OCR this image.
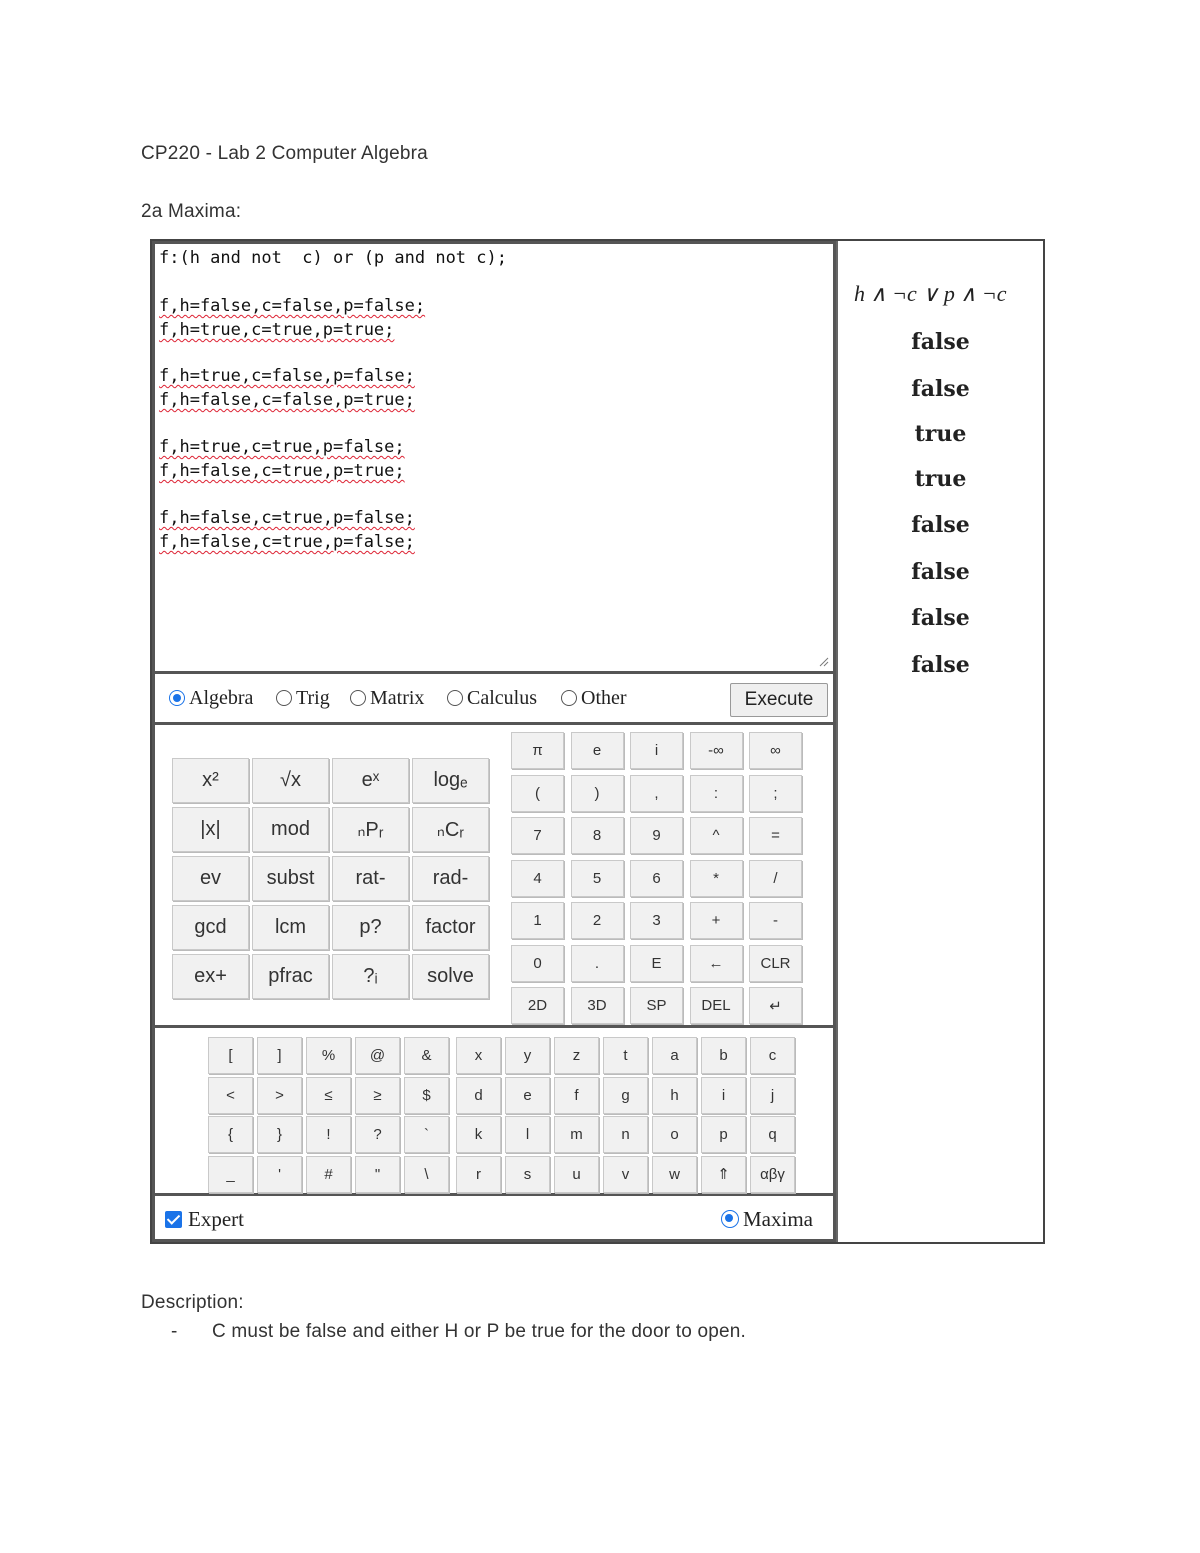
CP220 - Lab 2 Computer Algebra
2a Maxima:
f:(h and not  c) or (p and not c);
f,h=false,c=false,p=false;
f,h=true,c=true,p=true;
f,h=true,c=false,p=false;
f,h=false,c=false,p=true;
f,h=true,c=true,p=false;
f,h=false,c=true,p=true;
f,h=false,c=true,p=false;
f,h=false,c=true,p=false;
Algebra	Trig	Matrix	Calculus	Other	Execute
x²	√x	eˣ	logₑ
|x|	mod	ₙPᵣ	ₙCᵣ
ev	subst	rat-	rad-
gcd	lcm	p?	factor
ex+	pfrac	?ᵢ	solve
π	e	i	-∞	∞
(	)	,	:	;
7	8	9	^	=
4	5	6	*	/
1	2	3	+	-
0	.	E	←	CLR
2D	3D	SP	DEL	↵
[	]	%	@	&
<	>	≤	≥	$
{	}	!	?	`
_	'	#	"	\
x	y	z	t	a	b	c
d	e	f	g	h	i	j
k	l	m	n	o	p	q
r	s	u	v	w	⇑	αβγ
Expert	Maxima
h ∧ ¬c ∨ p ∧ ¬c
false
false
true
true
false
false
false
false
Description:
- C must be false and either H or P be true for the door to open.
